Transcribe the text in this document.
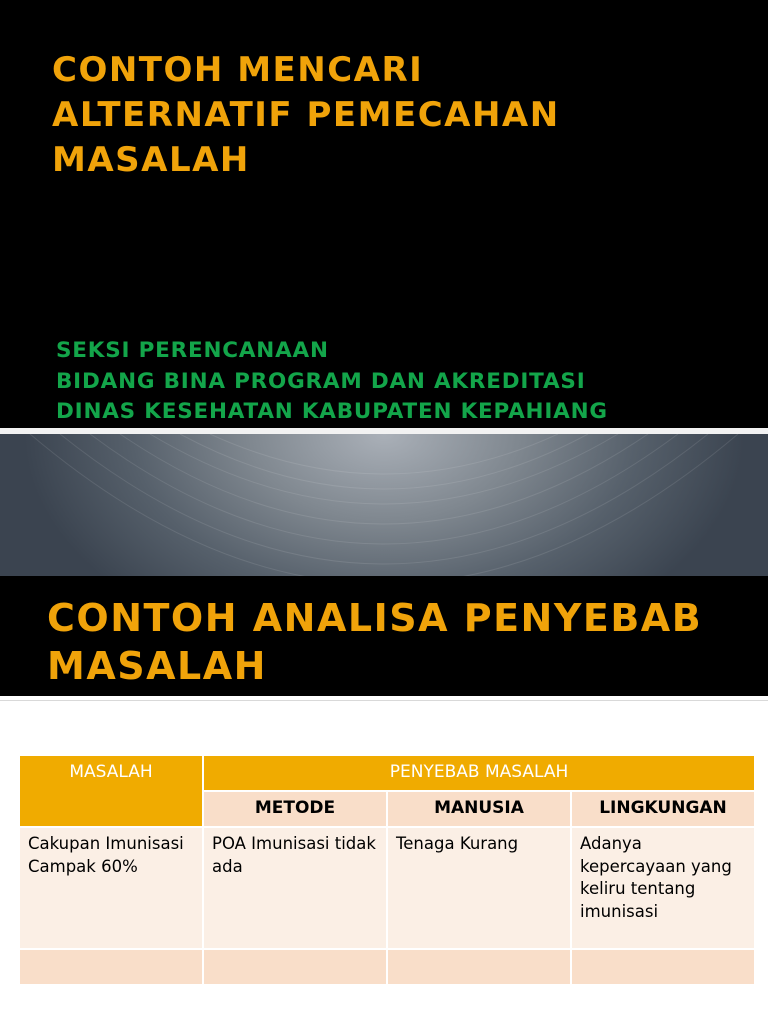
CONTOH MENCARI
ALTERNATIF PEMECAHAN
MASALAH
SEKSI PERENCANAAN
BIDANG BINA PROGRAM DAN AKREDITASI
DINAS KESEHATAN KABUPATEN KEPAHIANG
CONTOH ANALISA PENYEBAB
MASALAH
MASALAH	PENYEBAB MASALAH		

	METODE	MANUSIA	LINGKUNGAN

Cakupan Imunisasi Campak 60%	POA Imunisasi tidak ada	Tenaga Kurang	Adanya kepercayaan yang keliru tentang imunisasi
